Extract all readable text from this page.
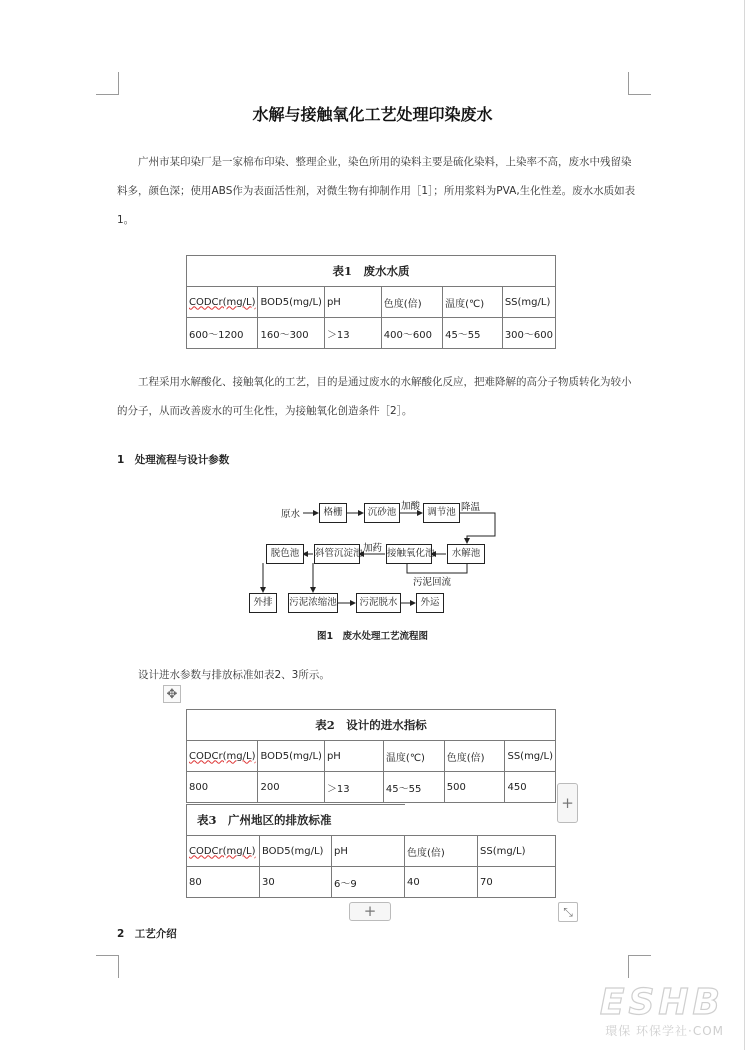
水解与接触氧化工艺处理印染废水
广州市某印染厂是一家棉布印染、整理企业，染色所用的染料主要是硫化染料，上染率不高，废水中残留染料多，颜色深；使用ABS作为表面活性剂，对微生物有抑制作用［1］；所用浆料为PVA,生化性差。废水水质如表1。
表1　废水水质					
CODCr(mg/L)	BOD5(mg/L)	pH	色度(倍)	温度(℃)	SS(mg/L)
600～1200	160～300	＞13	400～600	45～55	300～600
工程采用水解酸化、接触氧化的工艺，目的是通过废水的水解酸化反应，把难降解的高分子物质转化为较小的分子，从而改善废水的可生化性，为接触氧化创造条件［2］。
1　处理流程与设计参数
原水	格栅	沉砂池
加酸
调节池 降温
水解池
接触氧化池
加药
斜管沉淀池
脱色池
污泥回流
外排	污泥浓缩池	污泥脱水	外运
图1　废水处理工艺流程图
设计进水参数与排放标准如表2、3所示。
✥
表2　设计的进水指标					
CODCr(mg/L)	BOD5(mg/L)	pH	温度(℃)	色度(倍)	SS(mg/L)
800	200	＞13	45～55	500	450
表3　广州地区的排放标准				
CODCr(mg/L)	BOD5(mg/L)	pH	色度(倍)	SS(mg/L)
80	30	6～9	40	70
+
+	⤡
2　工艺介绍
ESHB
環保 环保学社·COM
